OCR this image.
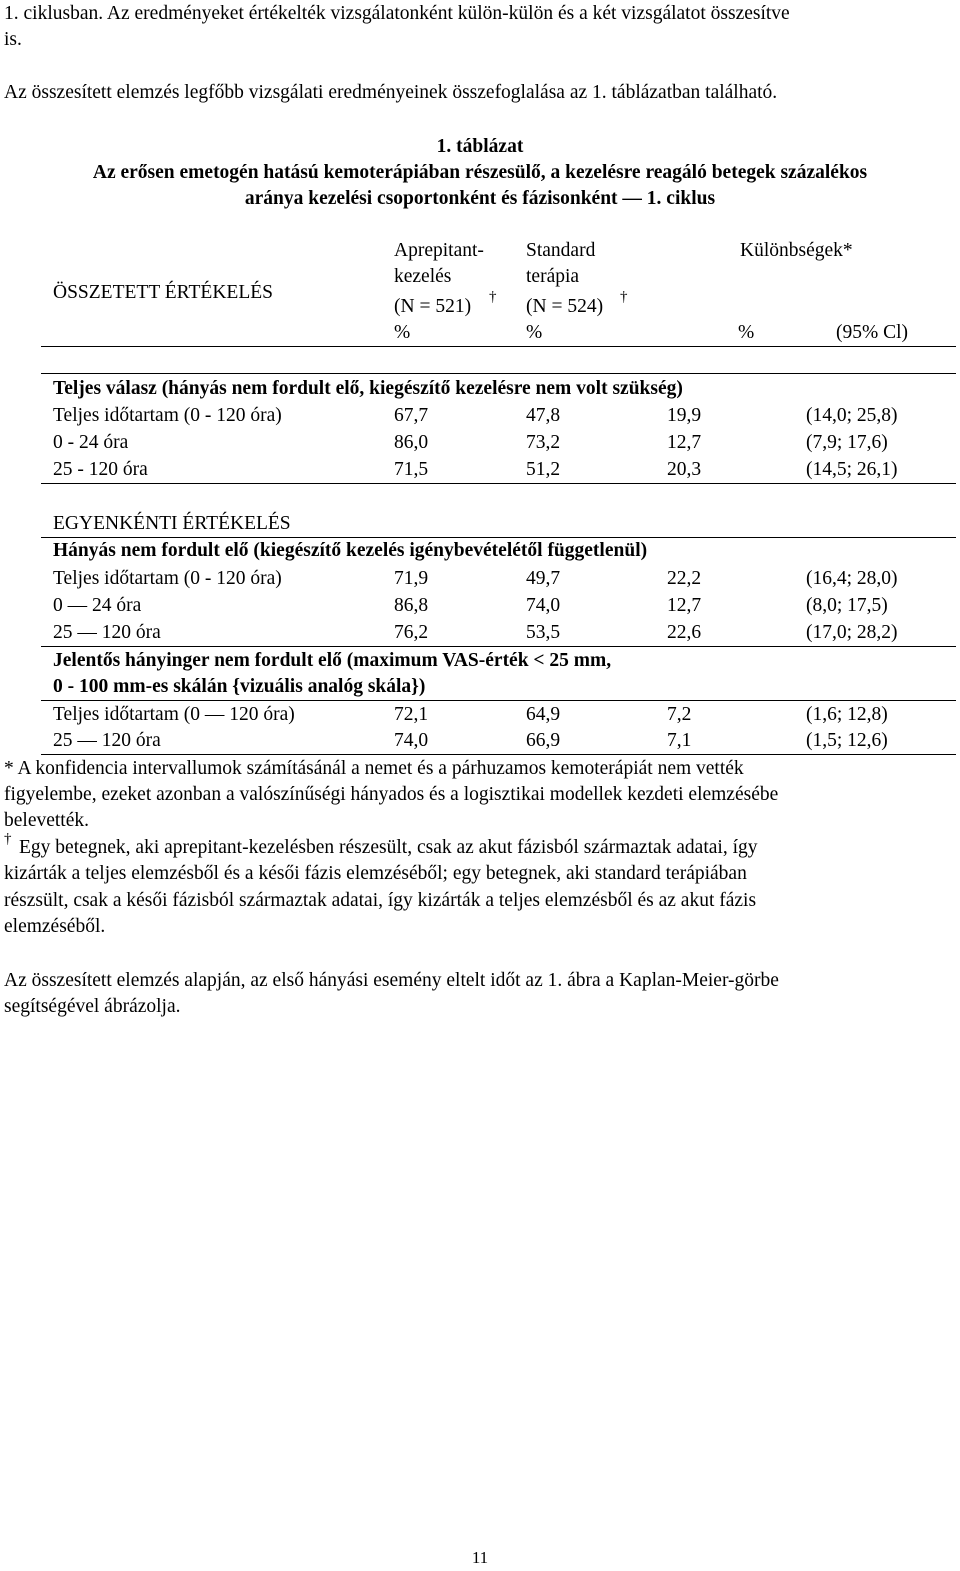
1. ciklusban. Az eredményeket értékelték vizsgálatonként külön-külön és a két vizsgálatot összesítve
is.
Az összesített elemzés legfőbb vizsgálati eredményeinek összefoglalása az 1. táblázatban található.
1. táblázat
Az erősen emetogén hatású kemoterápiában részesülő, a kezelésre reagáló betegek százalékos
aránya kezelési csoportonként és fázisonként — 1. ciklus
ÖSSZETETT ÉRTÉKELÉS
Aprepitant-
kezelés
(N = 521) †
Standard
terápia
(N = 524) †
Különbségek*
%	%	%	(95% Cl)
Teljes válasz (hányás nem fordult elő, kiegészítő kezelésre nem volt szükség)
Teljes időtartam (0 - 120 óra)	67,7	47,8	19,9	(14,0; 25,8)
0 - 24 óra	86,0	73,2	12,7	(7,9; 17,6)
25 - 120 óra	71,5	51,2	20,3	(14,5; 26,1)
EGYENKÉNTI ÉRTÉKELÉS
Hányás nem fordult elő (kiegészítő kezelés igénybevételétől függetlenül)
Teljes időtartam (0 - 120 óra)	71,9	49,7	22,2	(16,4; 28,0)
0 — 24 óra	86,8	74,0	12,7	(8,0; 17,5)
25 — 120 óra	76,2	53,5	22,6	(17,0; 28,2)
Jelentős hányinger nem fordult elő (maximum VAS-érték < 25 mm,
0 - 100 mm-es skálán {vizuális analóg skála})
Teljes időtartam (0 — 120 óra)	72,1	64,9	7,2	(1,6; 12,8)
25 — 120 óra	74,0	66,9	7,1	(1,5; 12,6)
* A konfidencia intervallumok számításánál a nemet és a párhuzamos kemoterápiát nem vették
figyelembe, ezeket azonban a valószínűségi hányados és a logisztikai modellek kezdeti elemzésébe
belevették.
† Egy betegnek, aki aprepitant-kezelésben részesült, csak az akut fázisból származtak adatai, így
kizárták a teljes elemzésből és a késői fázis elemzéséből; egy betegnek, aki standard terápiában
részsült, csak a késői fázisból származtak adatai, így kizárták a teljes elemzésből és az akut fázis
elemzéséből.
Az összesített elemzés alapján, az első hányási esemény eltelt időt az 1. ábra a Kaplan-Meier-görbe
segítségével ábrázolja.
11
